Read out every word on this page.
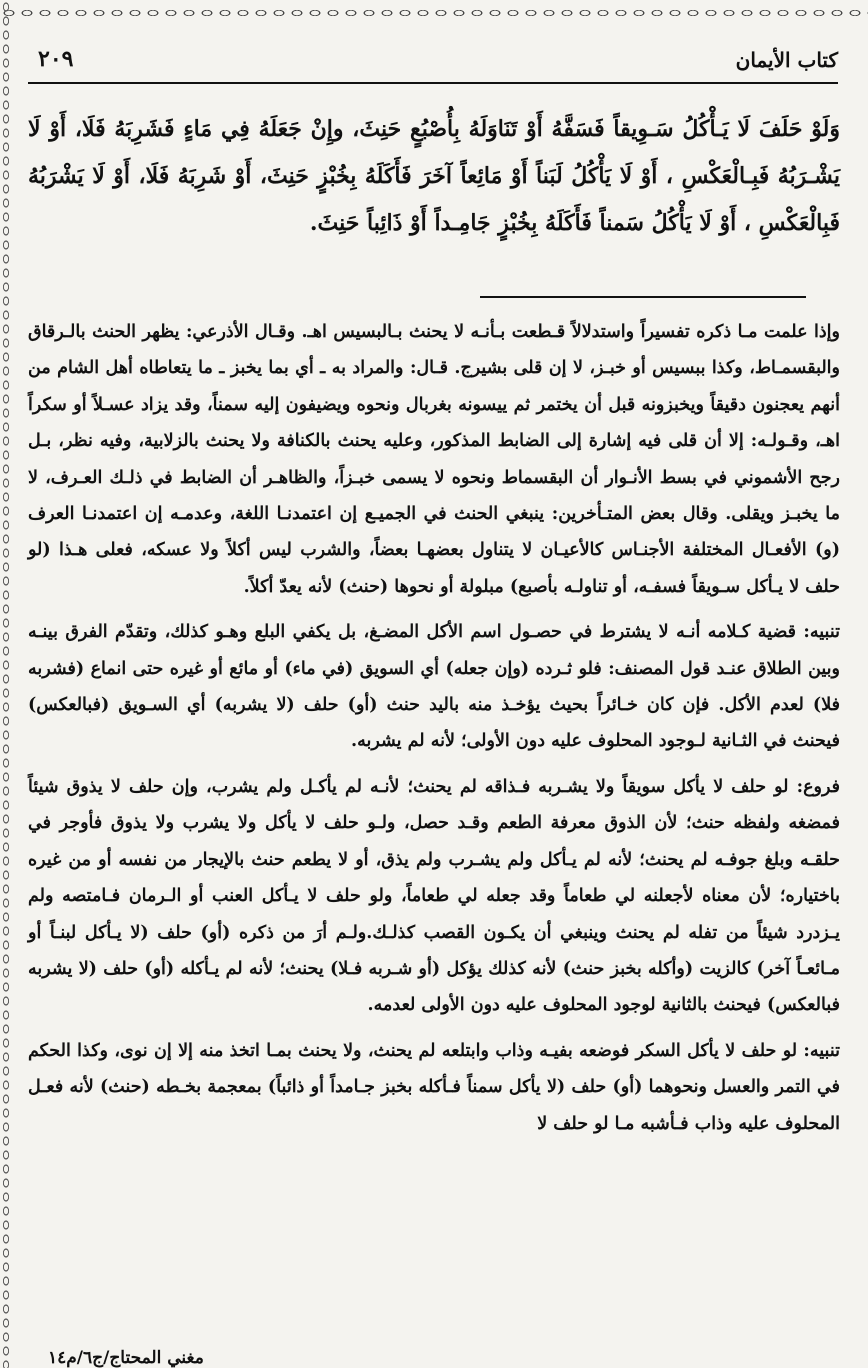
كتاب الأيمان
٢٠٩

وَلَوْ حَلَفَ لَا يَـأْكُلُ سَـوِيقاً فَسَفَّهُ أَوْ تَنَاوَلَهُ بِأُصْبُعٍ حَنِثَ، وإِنْ جَعَلَهُ فِي مَاءٍ فَشَرِبَهُ فَلَا، أَوْ لَا يَشْـرَبُهُ فَبِـالْعَكْسِ ، أَوْ لَا يَأْكُلُ لَبَناً أَوْ مَائِعاً آخَرَ فَأَكَلَهُ بِخُبْزٍ حَنِثَ، أَوْ شَرِبَهُ فَلَا، أَوْ لَا يَشْرَبُهُ فَبِالْعَكْسِ ، أَوْ لَا يَأْكُلُ سَمناً فَأَكَلَهُ بِخُبْزٍ جَامِـداً أَوْ ذَائِباً حَنِثَ.

وإذا علمت مـا ذكره تفسيراً واستدلالاً قـطعت بـأنـه لا يحنث بـالبسيس اهـ. وقـال الأذرعي: يظهر الحنث بالـرقاق والبقسمـاط، وكذا ببسيس أو خبـز، لا إن قلى بشيرج. قـال: والمراد به ـ أي بما يخبز ـ ما يتعاطاه أهل الشام من أنهم يعجنون دقيقاً ويخبزونه قبل أن يختمر ثم ييسونه بغربال ونحوه ويضيفون إليه سمناً، وقد يزاد عسـلاً أو سكراً اهـ، وقـولـه: إلا أن قلى فيه إشارة إلى الضابط المذكور، وعليه يحنث بالكنافة ولا يحنث بالزلابية، وفيه نظر، بـل رجح الأشموني في بسط الأنـوار أن البقسماط ونحوه لا يسمى خبـزاً، والظاهـر أن الضابط في ذلـك العـرف، لا ما يخبـز ويقلى. وقال بعض المتـأخرين: ينبغي الحنث في الجميـع إن اعتمدنـا اللغة، وعدمـه إن اعتمدنـا العرف (و) الأفعـال المختلفة الأجنـاس كالأعيـان لا يتناول بعضهـا بعضاً، والشرب ليس أكلاً ولا عسكه، فعلى هـذا (لو حلف لا يـأكل سـويقاً فسفـه، أو تناولـه بأصبع) مبلولة أو نحوها (حنث) لأنه يعدّ أكلاً.

تنبيه: قضية كـلامه أنـه لا يشترط في حصـول اسم الأكل المضـغ، بل يكفي البلع وهـو كذلك، وتقدّم الفرق بينـه وبين الطلاق عنـد قول المصنف: فلو ثـرده (وإن جعله) أي السويق (في ماء) أو مائع أو غيره حتى انماع (فشربه فلا) لعدم الأكل. فإن كان خـائراً بحيث يؤخـذ منه باليد حنث (أو) حلف (لا يشربه) أي السـويق (فبالعكس) فيحنث في الثـانية لـوجود المحلوف عليه دون الأولى؛ لأنه لم يشربه.

فروع: لو حلف لا يأكل سويقاً ولا يشـربه فـذاقه لم يحنث؛ لأنـه لم يأكـل ولم يشرب، وإن حلف لا يذوق شيئاً فمضغه ولفظه حنث؛ لأن الذوق معرفة الطعم وقـد حصل، ولـو حلف لا يأكل ولا يشرب ولا يذوق فأوجر في حلقـه وبلغ جوفـه لم يحنث؛ لأنه لم يـأكل ولم يشـرب ولم يذق، أو لا يطعم حنث بالإيجار من نفسه أو من غيره باختياره؛ لأن معناه لأجعلنه لي طعاماً وقد جعله لي طعاماً، ولو حلف لا يـأكل العنب أو الـرمان فـامتصه ولم يـزدرد شيئاً من تفله لم يحنث وينبغي أن يكـون القصب كذلـك.ولـم أرَ من ذكره (أو) حلف (لا يـأكل لبنـاً أو مـائعـاً آخر) كالزيت (وأكله بخبز حنث) لأنه كذلك يؤكل (أو شـربه فـلا) يحنث؛ لأنه لم يـأكله (أو) حلف (لا يشربه فبالعكس) فيحنث بالثانية لوجود المحلوف عليه دون الأولى لعدمه.

تنبيه: لو حلف لا يأكل السكر فوضعه بفيـه وذاب وابتلعه لم يحنث، ولا يحنث بمـا اتخذ منه إلا إن نوى، وكذا الحكم في التمر والعسل ونحوهما (أو) حلف (لا يأكل سمناً فـأكله بخبز جـامداً أو ذائباً) بمعجمة بخـطه (حنث) لأنه فعـل المحلوف عليه وذاب فـأشبه مـا لو حلف لا

مغني المحتاج/ج٦/م١٤
